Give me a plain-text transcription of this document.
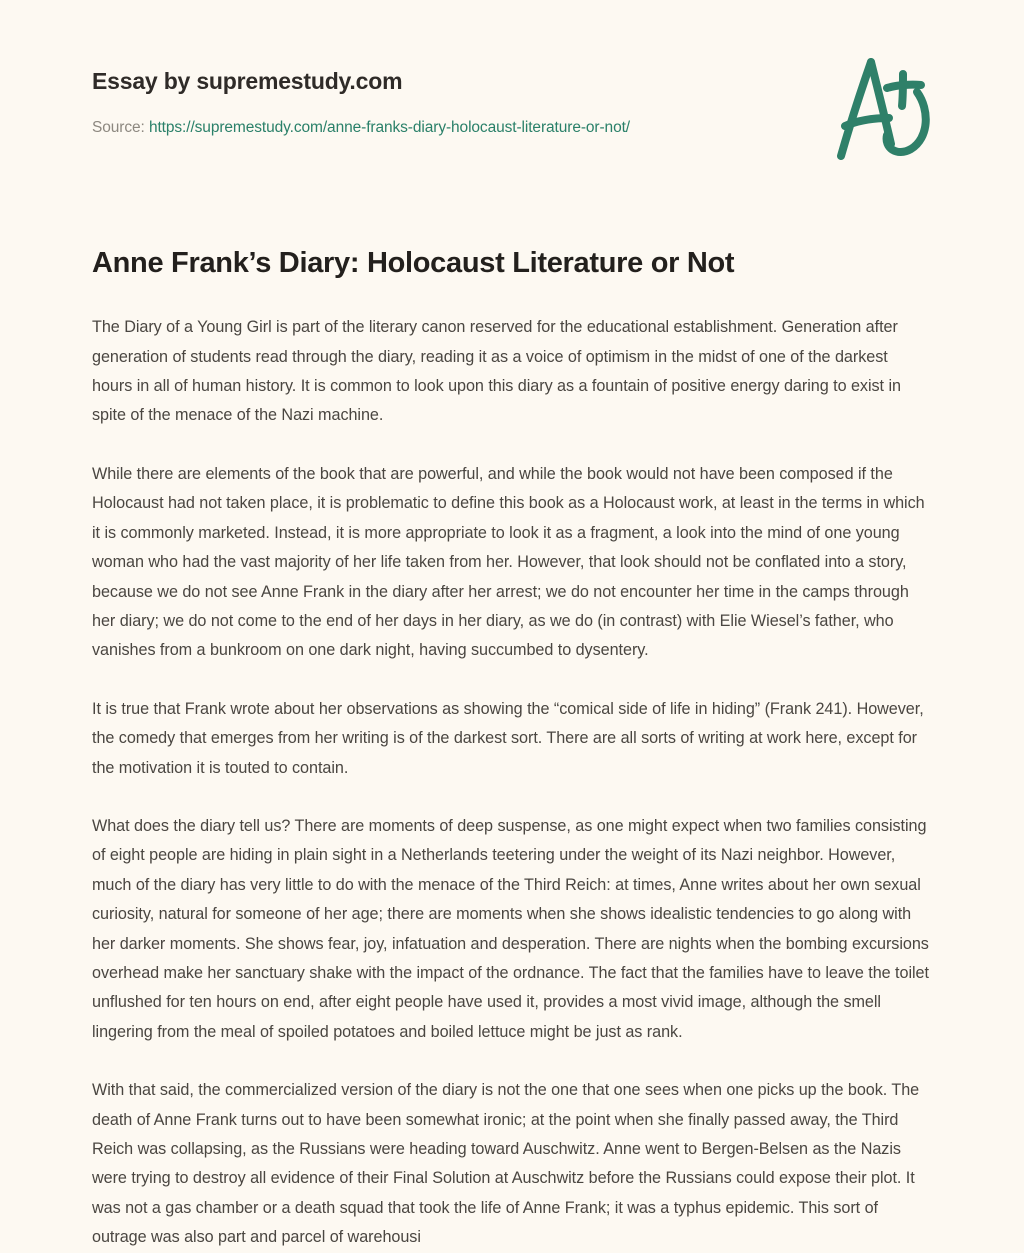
Essay by supremestudy.com
Source: https://supremestudy.com/anne-franks-diary-holocaust-literature-or-not/
Anne Frank’s Diary: Holocaust Literature or Not

The Diary of a Young Girl is part of the literary canon reserved for the educational establishment. Generation after generation of students read through the diary, reading it as a voice of optimism in the midst of one of the darkest hours in all of human history. It is common to look upon this diary as a fountain of positive energy daring to exist in spite of the menace of the Nazi machine.

While there are elements of the book that are powerful, and while the book would not have been composed if the Holocaust had not taken place, it is problematic to define this book as a Holocaust work, at least in the terms in which it is commonly marketed. Instead, it is more appropriate to look it as a fragment, a look into the mind of one young woman who had the vast majority of her life taken from her. However, that look should not be conflated into a story, because we do not see Anne Frank in the diary after her arrest; we do not encounter her time in the camps through her diary; we do not come to the end of her days in her diary, as we do (in contrast) with Elie Wiesel’s father, who vanishes from a bunkroom on one dark night, having succumbed to dysentery.

It is true that Frank wrote about her observations as showing the “comical side of life in hiding” (Frank 241). However, the comedy that emerges from her writing is of the darkest sort. There are all sorts of writing at work here, except for the motivation it is touted to contain.

What does the diary tell us? There are moments of deep suspense, as one might expect when two families consisting of eight people are hiding in plain sight in a Netherlands teetering under the weight of its Nazi neighbor. However, much of the diary has very little to do with the menace of the Third Reich: at times, Anne writes about her own sexual curiosity, natural for someone of her age; there are moments when she shows idealistic tendencies to go along with her darker moments. She shows fear, joy, infatuation and desperation. There are nights when the bombing excursions overhead make her sanctuary shake with the impact of the ordnance. The fact that the families have to leave the toilet unflushed for ten hours on end, after eight people have used it, provides a most vivid image, although the smell lingering from the meal of spoiled potatoes and boiled lettuce might be just as rank.

With that said, the commercialized version of the diary is not the one that one sees when one picks up the book. The death of Anne Frank turns out to have been somewhat ironic; at the point when she finally passed away, the Third Reich was collapsing, as the Russians were heading toward Auschwitz. Anne went to Bergen-Belsen as the Nazis were trying to destroy all evidence of their Final Solution at Auschwitz before the Russians could expose their plot. It was not a gas chamber or a death squad that took the life of Anne Frank; it was a typhus epidemic. This sort of outrage was also part and parcel of warehousi
